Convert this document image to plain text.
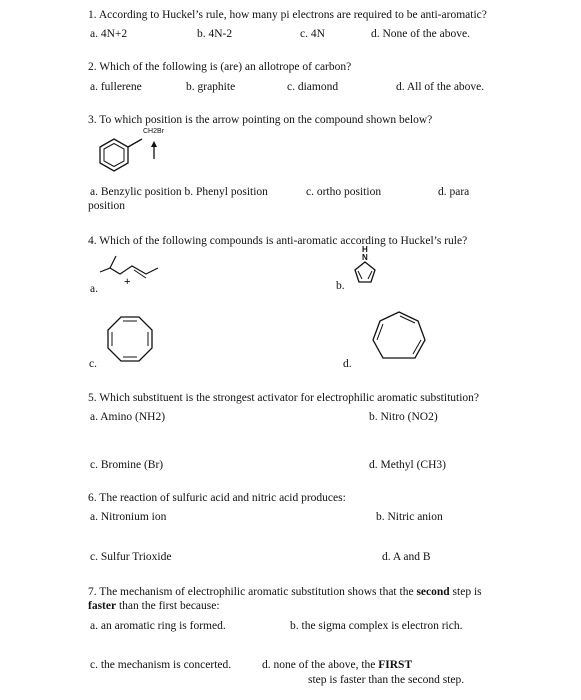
1. According to Huckel’s rule, how many pi electrons are required to be anti-aromatic?
a. 4N+2	b. 4N-2	c. 4N	d. None of the above.
2. Which of the following is (are) an allotrope of carbon?
a. fullerene	b. graphite	c. diamond	d. All of the above.
3. To which position is the arrow pointing on the compound shown below?
CH2Br
a. Benzylic position b. Phenyl position
position
c. ortho position	d. para
4. Which of the following compounds is anti-aromatic according to Huckel’s rule?
+
a.
H
N
b.
c.	d.
5. Which substituent is the strongest activator for electrophilic aromatic substitution?
a. Amino (NH2)	b. Nitro (NO2)
c. Bromine (Br)	d. Methyl (CH3)
6. The reaction of sulfuric acid and nitric acid produces:
a. Nitronium ion	b. Nitric anion
c. Sulfur Trioxide	d. A and B
7. The mechanism of electrophilic aromatic substitution shows that the second step is
faster than the first because:
a. an aromatic ring is formed.	b. the sigma complex is electron rich.
c. the mechanism is concerted.	d. none of the above, the FIRST
step is faster than the second step.
